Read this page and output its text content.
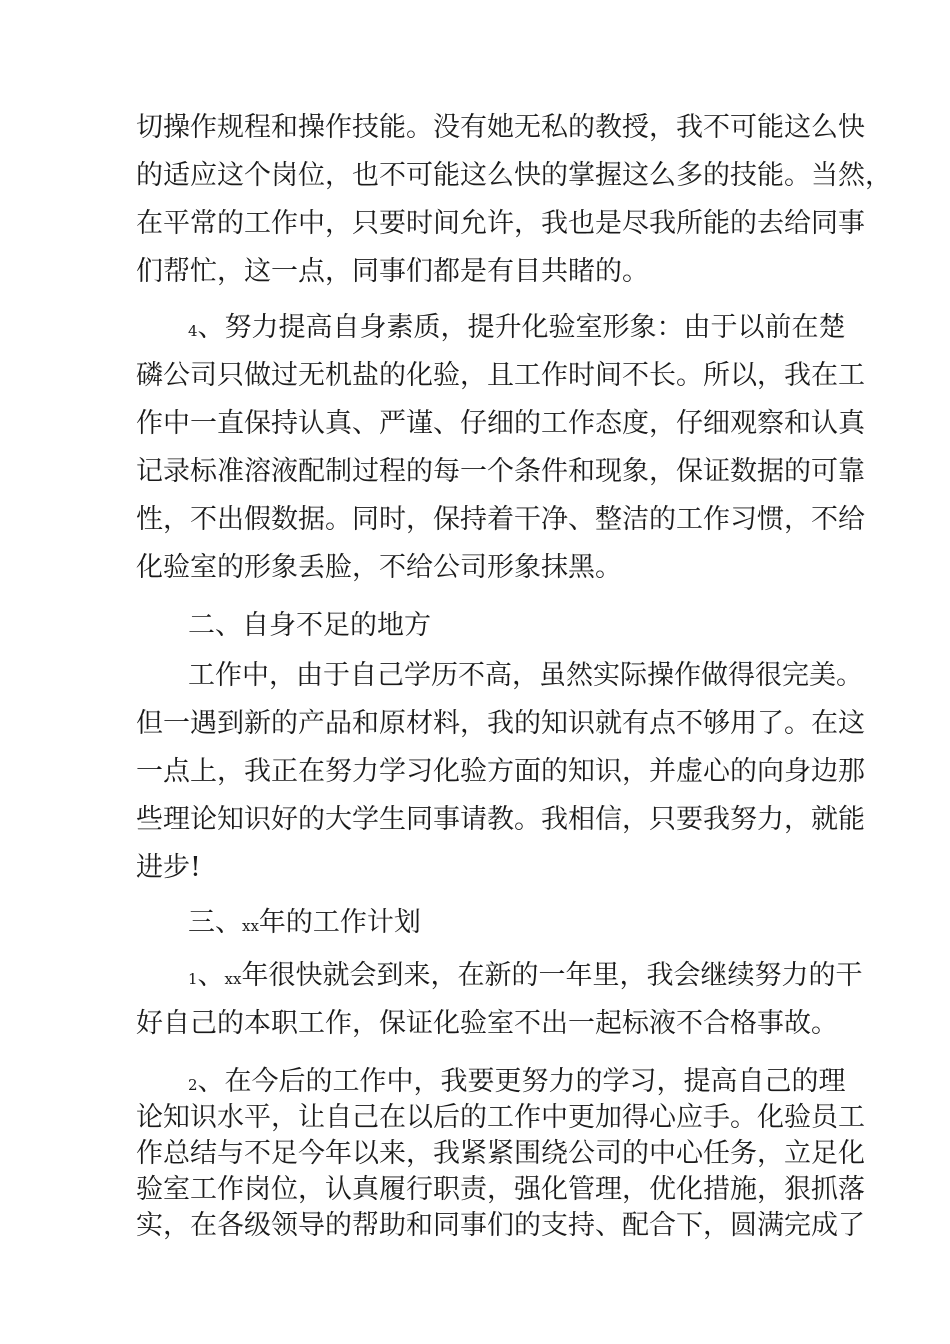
切操作规程和操作技能。没有她无私的教授，我不可能这么快
的适应这个岗位，也不可能这么快的掌握这么多的技能。当然，
在平常的工作中，只要时间允许，我也是尽我所能的去给同事
们帮忙，这一点，同事们都是有目共睹的。
4、努力提高自身素质，提升化验室形象：由于以前在楚
磷公司只做过无机盐的化验，且工作时间不长。所以，我在工
作中一直保持认真、严谨、仔细的工作态度，仔细观察和认真
记录标准溶液配制过程的每一个条件和现象，保证数据的可靠
性，不出假数据。同时，保持着干净、整洁的工作习惯，不给
化验室的形象丢脸，不给公司形象抹黑。
二、自身不足的地方
工作中，由于自己学历不高，虽然实际操作做得很完美。
但一遇到新的产品和原材料，我的知识就有点不够用了。在这
一点上，我正在努力学习化验方面的知识，并虚心的向身边那
些理论知识好的大学生同事请教。我相信，只要我努力，就能
进步!
三、xx年的工作计划
1、xx年很快就会到来，在新的一年里，我会继续努力的干
好自己的本职工作，保证化验室不出一起标液不合格事故。
2、在今后的工作中，我要更努力的学习，提高自己的理
论知识水平，让自己在以后的工作中更加得心应手。化验员工
作总结与不足今年以来，我紧紧围绕公司的中心任务，立足化
验室工作岗位，认真履行职责，强化管理，优化措施，狠抓落
实，在各级领导的帮助和同事们的支持、配合下，圆满完成了
